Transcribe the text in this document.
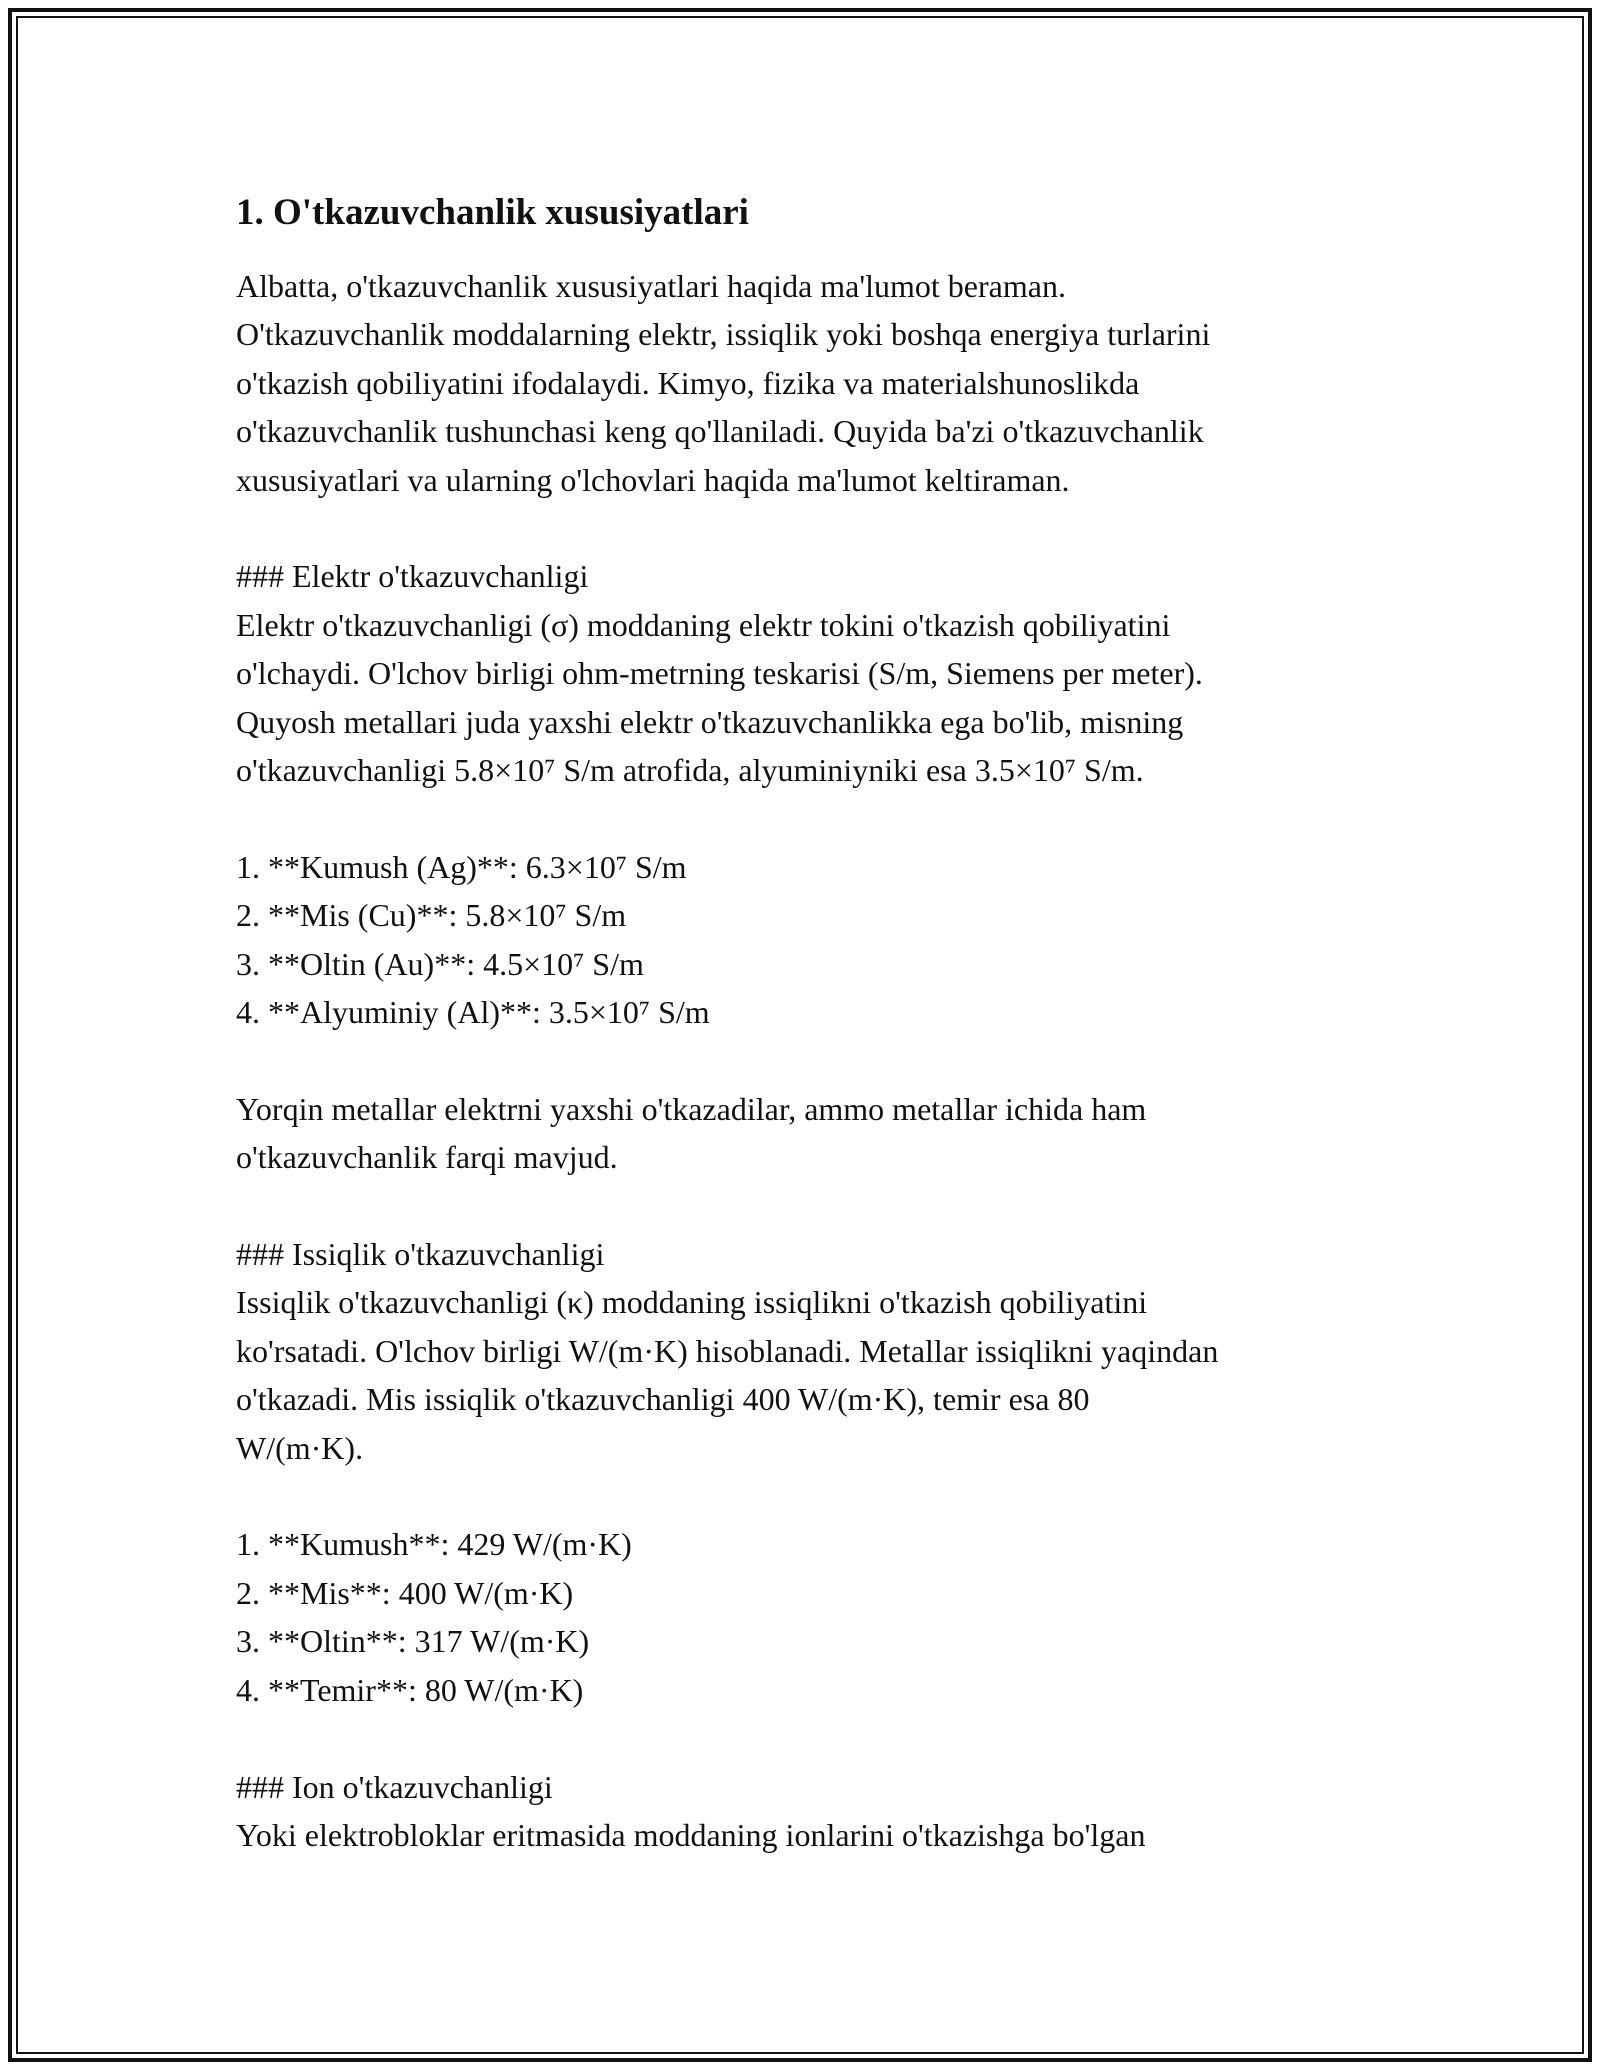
1. O'tkazuvchanlik xususiyatlari

Albatta, o'tkazuvchanlik xususiyatlari haqida ma'lumot beraman.

O'tkazuvchanlik moddalarning elektr, issiqlik yoki boshqa energiya turlarini

o'tkazish qobiliyatini ifodalaydi. Kimyo, fizika va materialshunoslikda

o'tkazuvchanlik tushunchasi keng qo'llaniladi. Quyida ba'zi o'tkazuvchanlik

xususiyatlari va ularning o'lchovlari haqida ma'lumot keltiraman.

### Elektr o'tkazuvchanligi

Elektr o'tkazuvchanligi (σ) moddaning elektr tokini o'tkazish qobiliyatini

o'lchaydi. O'lchov birligi ohm-metrning teskarisi (S/m, Siemens per meter).

Quyosh metallari juda yaxshi elektr o'tkazuvchanlikka ega bo'lib, misning

o'tkazuvchanligi 5.8×10⁷ S/m atrofida, alyuminiyniki esa 3.5×10⁷ S/m.

1. **Kumush (Ag)**: 6.3×10⁷ S/m

2. **Mis (Cu)**: 5.8×10⁷ S/m

3. **Oltin (Au)**: 4.5×10⁷ S/m

4. **Alyuminiy (Al)**: 3.5×10⁷ S/m

Yorqin metallar elektrni yaxshi o'tkazadilar, ammo metallar ichida ham

o'tkazuvchanlik farqi mavjud.

### Issiqlik o'tkazuvchanligi

Issiqlik o'tkazuvchanligi (κ) moddaning issiqlikni o'tkazish qobiliyatini

ko'rsatadi. O'lchov birligi W/(m·K) hisoblanadi. Metallar issiqlikni yaqindan

o'tkazadi. Mis issiqlik o'tkazuvchanligi 400 W/(m·K), temir esa 80

W/(m·K).

1. **Kumush**: 429 W/(m·K)

2. **Mis**: 400 W/(m·K)

3. **Oltin**: 317 W/(m·K)

4. **Temir**: 80 W/(m·K)

### Ion o'tkazuvchanligi

Yoki elektrobloklar eritmasida moddaning ionlarini o'tkazishga bo'lgan
